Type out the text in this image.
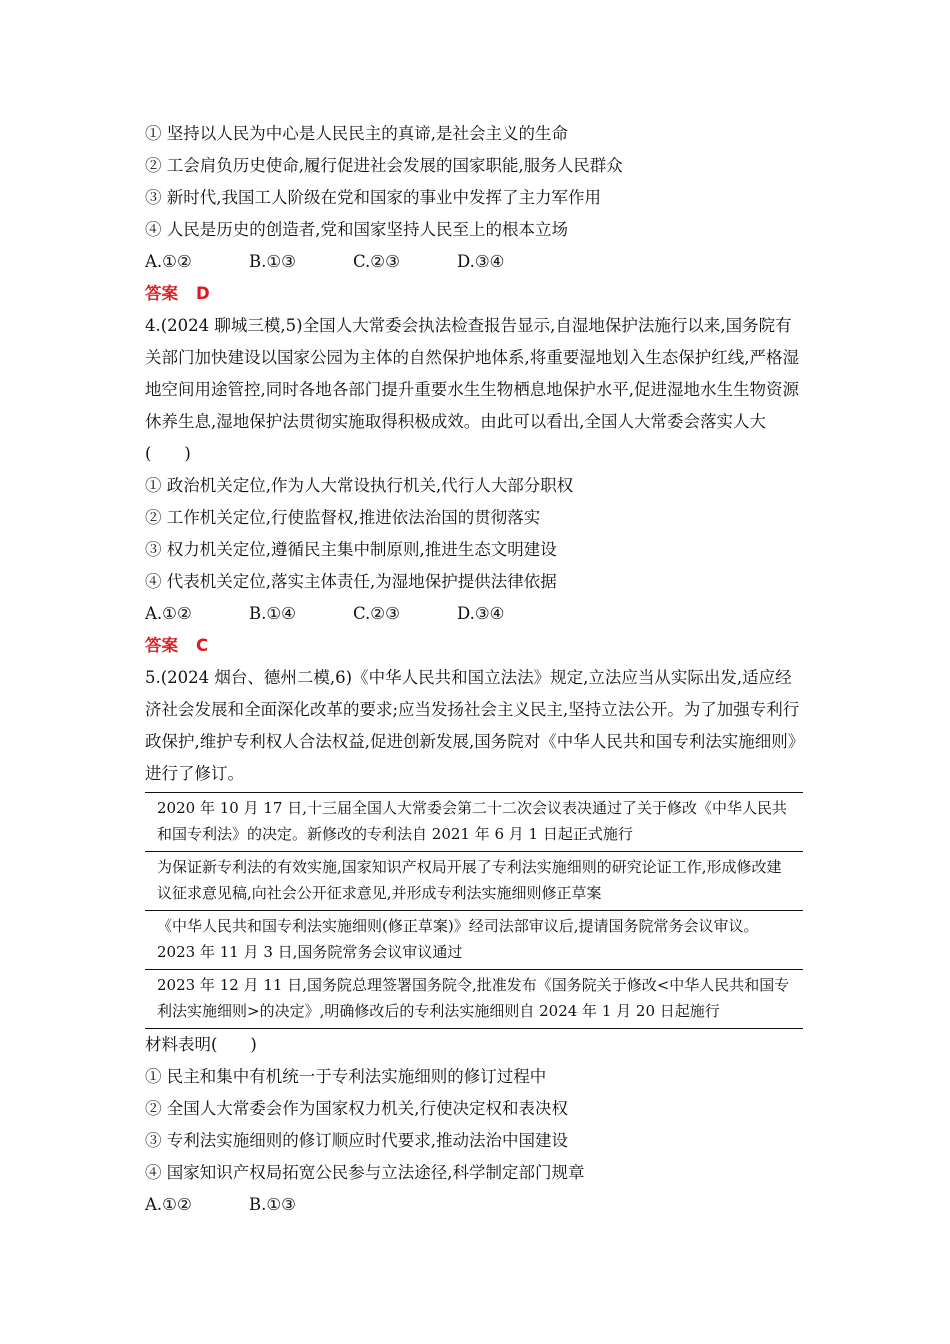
① 坚持以人民为中心是人民民主的真谛,是社会主义的生命
② 工会肩负历史使命,履行促进社会发展的国家职能,服务人民群众
③ 新时代,我国工人阶级在党和国家的事业中发挥了主力军作用
④ 人民是历史的创造者,党和国家坚持人民至上的根本立场
A.①②	B.①③	C.②③	D.③④
答案 D
4.(2024 聊城三模,5)全国人大常委会执法检查报告显示,自湿地保护法施行以来,国务院有关部门加快建设以国家公园为主体的自然保护地体系,将重要湿地划入生态保护红线,严格湿地空间用途管控,同时各地各部门提升重要水生生物栖息地保护水平,促进湿地水生生物资源休养生息,湿地保护法贯彻实施取得积极成效。由此可以看出,全国人大常委会落实人大(　　)
① 政治机关定位,作为人大常设执行机关,代行人大部分职权
② 工作机关定位,行使监督权,推进依法治国的贯彻落实
③ 权力机关定位,遵循民主集中制原则,推进生态文明建设
④ 代表机关定位,落实主体责任,为湿地保护提供法律依据
A.①②	B.①④	C.②③	D.③④
答案 C
5.(2024 烟台、德州二模,6)《中华人民共和国立法法》规定,立法应当从实际出发,适应经济社会发展和全面深化改革的要求;应当发扬社会主义民主,坚持立法公开。为了加强专利行政保护,维护专利权人合法权益,促进创新发展,国务院对《中华人民共和国专利法实施细则》进行了修订。
2020 年 10 月 17 日,十三届全国人大常委会第二十二次会议表决通过了关于修改《中华人民共和国专利法》的决定。新修改的专利法自 2021 年 6 月 1 日起正式施行
为保证新专利法的有效实施,国家知识产权局开展了专利法实施细则的研究论证工作,形成修改建议征求意见稿,向社会公开征求意见,并形成专利法实施细则修正草案
《中华人民共和国专利法实施细则(修正草案)》经司法部审议后,提请国务院常务会议审议。2023 年 11 月 3 日,国务院常务会议审议通过
2023 年 12 月 11 日,国务院总理签署国务院令,批准发布《国务院关于修改<中华人民共和国专利法实施细则>的决定》,明确修改后的专利法实施细则自 2024 年 1 月 20 日起施行
材料表明(　　)
① 民主和集中有机统一于专利法实施细则的修订过程中
② 全国人大常委会作为国家权力机关,行使决定权和表决权
③ 专利法实施细则的修订顺应时代要求,推动法治中国建设
④ 国家知识产权局拓宽公民参与立法途径,科学制定部门规章
A.①②	B.①③
